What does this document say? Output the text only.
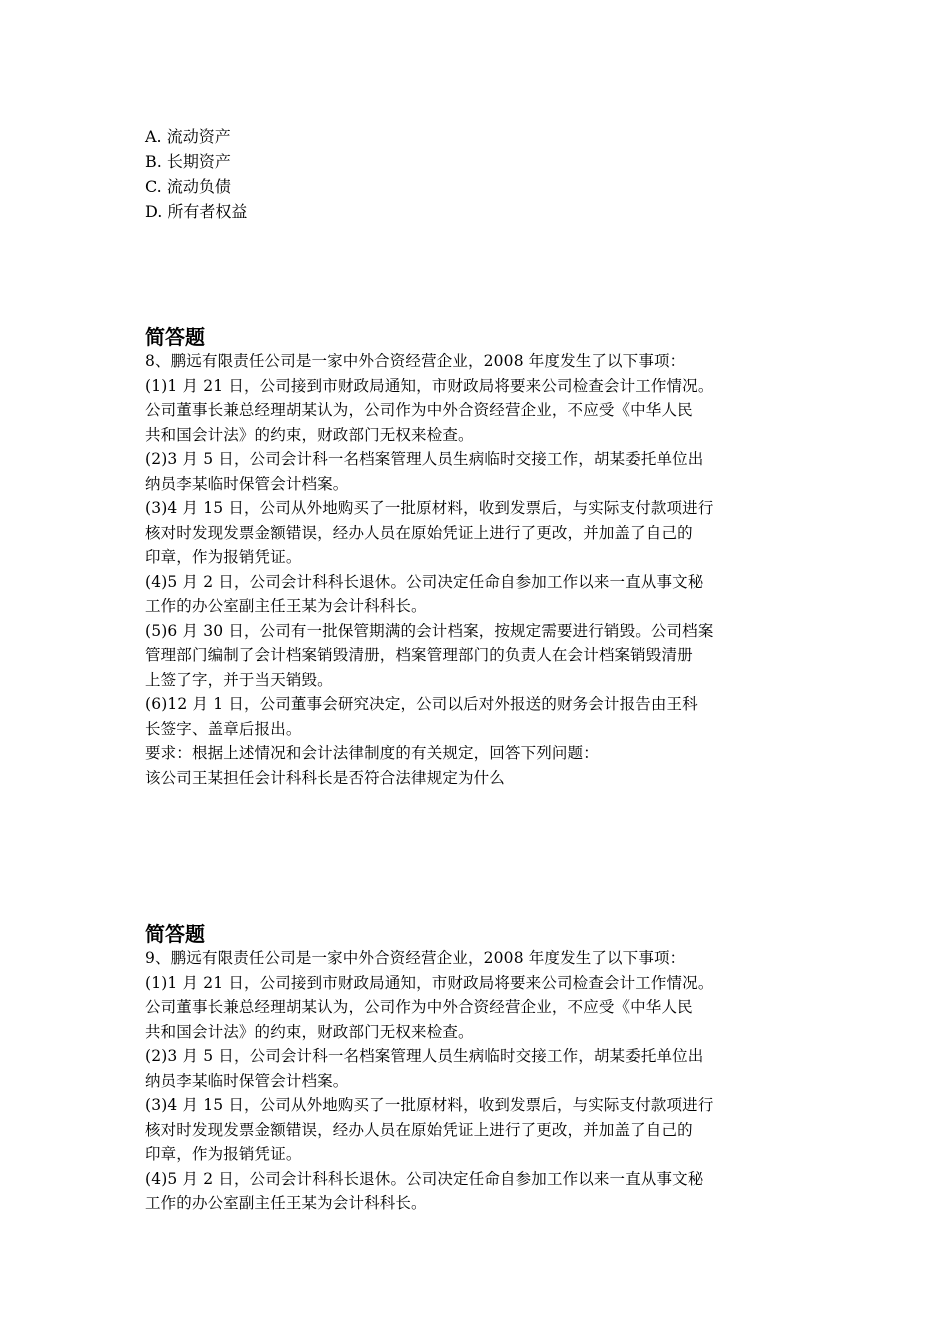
A. 流动资产
B. 长期资产
C. 流动负债
D. 所有者权益
简答题
8、鹏远有限责任公司是一家中外合资经营企业，2008 年度发生了以下事项：
(1)1 月 21 日，公司接到市财政局通知，市财政局将要来公司检查会计工作情况。
公司董事长兼总经理胡某认为，公司作为中外合资经营企业，不应受《中华人民
共和国会计法》的约束，财政部门无权来检查。
(2)3 月 5 日，公司会计科一名档案管理人员生病临时交接工作，胡某委托单位出
纳员李某临时保管会计档案。
(3)4 月 15 日，公司从外地购买了一批原材料，收到发票后，与实际支付款项进行
核对时发现发票金额错误，经办人员在原始凭证上进行了更改，并加盖了自己的
印章，作为报销凭证。
(4)5 月 2 日，公司会计科科长退休。公司决定任命自参加工作以来一直从事文秘
工作的办公室副主任王某为会计科科长。
(5)6 月 30 日，公司有一批保管期满的会计档案，按规定需要进行销毁。公司档案
管理部门编制了会计档案销毁清册，档案管理部门的负责人在会计档案销毁清册
上签了字，并于当天销毁。
(6)12 月 1 日，公司董事会研究决定，公司以后对外报送的财务会计报告由王科
长签字、盖章后报出。
要求：根据上述情况和会计法律制度的有关规定，回答下列问题：
该公司王某担任会计科科长是否符合法律规定为什么
简答题
9、鹏远有限责任公司是一家中外合资经营企业，2008 年度发生了以下事项：
(1)1 月 21 日，公司接到市财政局通知，市财政局将要来公司检查会计工作情况。
公司董事长兼总经理胡某认为，公司作为中外合资经营企业，不应受《中华人民
共和国会计法》的约束，财政部门无权来检查。
(2)3 月 5 日，公司会计科一名档案管理人员生病临时交接工作，胡某委托单位出
纳员李某临时保管会计档案。
(3)4 月 15 日，公司从外地购买了一批原材料，收到发票后，与实际支付款项进行
核对时发现发票金额错误，经办人员在原始凭证上进行了更改，并加盖了自己的
印章，作为报销凭证。
(4)5 月 2 日，公司会计科科长退休。公司决定任命自参加工作以来一直从事文秘
工作的办公室副主任王某为会计科科长。
